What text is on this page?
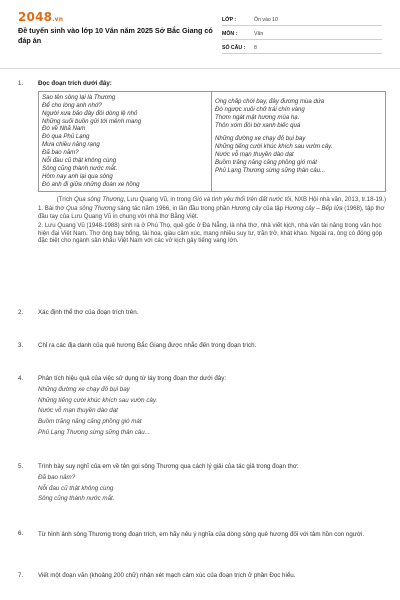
2048.vn
Đề tuyển sinh vào lớp 10 Văn năm 2025 Sở Bắc Giang có đáp án
LỚP :	Ôn vào 10
MÔN :	Văn
SỐ CÂU :	8
1.	Đọc đoạn trích dưới đây:
Sao tên sông lại là Thương
Để cho lòng anh nhớ?
Người xưa bảo đây đôi dòng lệ nhỏ
Những suối buồn gửi tới mênh mang
Đò về Nhã Nam
Đò qua Phủ Lạng
Mưa chiều nặng rạng
Đã bao năm?
Nỗi đau cũ thật không cùng
Sông cũng thành nước mắt.
Hôm nay anh lại qua sông
Đò anh đi giữa những đoàn xe hồng
Ong chấp chới bay, đây đương mùa dứa
Đò ngược xuôi chở trái chín vàng
Thơm ngát mật hương mùa hạ.
Thôn xóm đôi bờ xanh biếc quá
Những đường xe chạy đỏ bụi bay
Những tiếng cười khúc khích sau vườn cây.
Nước vỗ mạn thuyền dào dạt
Buồm trăng năng căng phồng gió mát
Phủ Lạng Thương sừng sững thân câu...
(Trích Qua sông Thương, Lưu Quang Vũ, in trong Gió và tình yêu thổi trên đất nước tôi, NXB Hội nhà văn, 2013, tr.18-19.)
1. Bài thơ Qua sông Thương sáng tác năm 1966, in lần đầu trong phần Hương cây của tập Hương cây – Bếp lửa (1968), tập thơ đầu tay của Lưu Quang Vũ in chung với nhà thơ Bằng Việt.
2. Lưu Quang Vũ (1948-1988) sinh ra ở Phú Thọ, quê gốc ở Đà Nẵng, là nhà thơ, nhà viết kịch, nhà văn tài năng trong văn học hiện đại Việt Nam. Thơ ông bay bổng, tài hoa, giàu cảm xúc, mang nhiều suy tư, trăn trở, khát khao. Ngoài ra, ông có đóng góp đặc biệt cho ngành sân khấu Việt Nam với các vở kịch gây tiếng vang lớn.
2.	Xác định thể thơ của đoạn trích trên.
3.	Chỉ ra các địa danh của quê hương Bắc Giang được nhắc đến trong đoạn trích.
4.	Phân tích hiệu quả của việc sử dụng từ láy trong đoạn thơ dưới đây:
Những đường xe chạy đỏ bụi bay
Những tiếng cười khúc khích sau vườn cây.
Nước vỗ mạn thuyền dào dạt
Buồm trăng năng căng phồng gió mát
Phủ Lạng Thương sừng sững thân câu...
5.	Trình bày suy nghĩ của em về tên gọi sông Thương qua cách lý giải của tác giả trong đoạn thơ:
Đã bao năm?
Nỗi đau cũ thật không cùng
Sông cũng thành nước mắt.
6.	Từ hình ảnh sông Thương trong đoạn trích, em hãy nêu ý nghĩa của dòng sông quê hương đối với tâm hồn con người.
7.	Viết một đoạn văn (khoảng 200 chữ) nhận xét mạch cảm xúc của đoạn trích ở phần Đọc hiểu.
